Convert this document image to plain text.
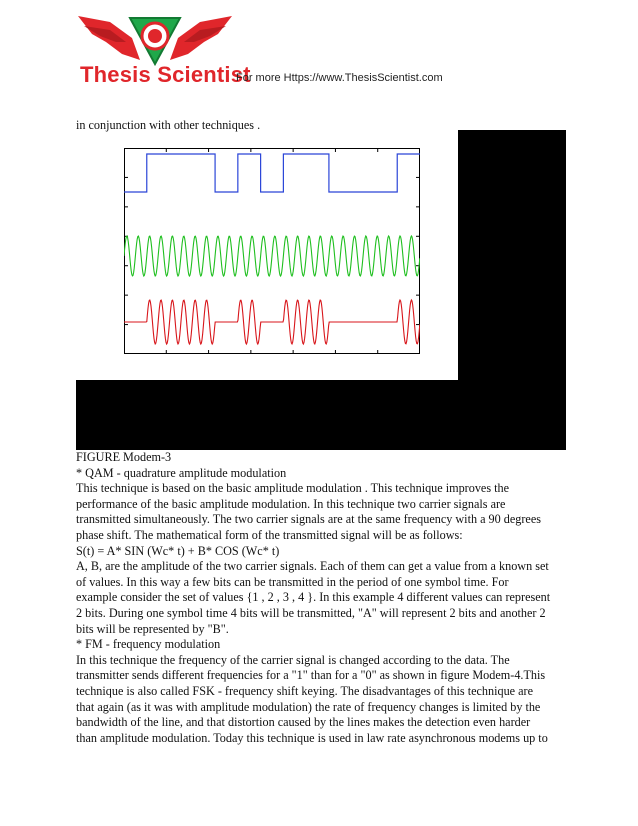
Thesis Scientist
For more Https://www.ThesisScientist.com
in conjunction with other techniques .
FIGURE Modem-3
* QAM - quadrature amplitude modulation
This technique is based on the basic amplitude modulation . This technique improves the
performance of the basic amplitude modulation. In this technique two carrier signals are
transmitted simultaneously. The two carrier signals are at the same frequency with a 90 degrees
phase shift. The mathematical form of the transmitted signal will be as follows:
S(t) = A* SIN (Wc* t) + B* COS (Wc* t)
A, B, are the amplitude of the two carrier signals. Each of them can get a value from a known set
of values. In this way a few bits can be transmitted in the period of one symbol time. For
example consider the set of values {1 , 2 , 3 , 4 }. In this example 4 different values can represent
2 bits. During one symbol time 4 bits will be transmitted, "A" will represent 2 bits and another 2
bits will be represented by "B".
* FM - frequency modulation
In this technique the frequency of the carrier signal is changed according to the data. The
transmitter sends different frequencies for a "1" than for a "0" as shown in figure Modem-4.This
technique is also called FSK - frequency shift keying. The disadvantages of this technique are
that again (as it was with amplitude modulation) the rate of frequency changes is limited by the
bandwidth of the line, and that distortion caused by the lines makes the detection even harder
than amplitude modulation. Today this technique is used in law rate asynchronous modems up to
